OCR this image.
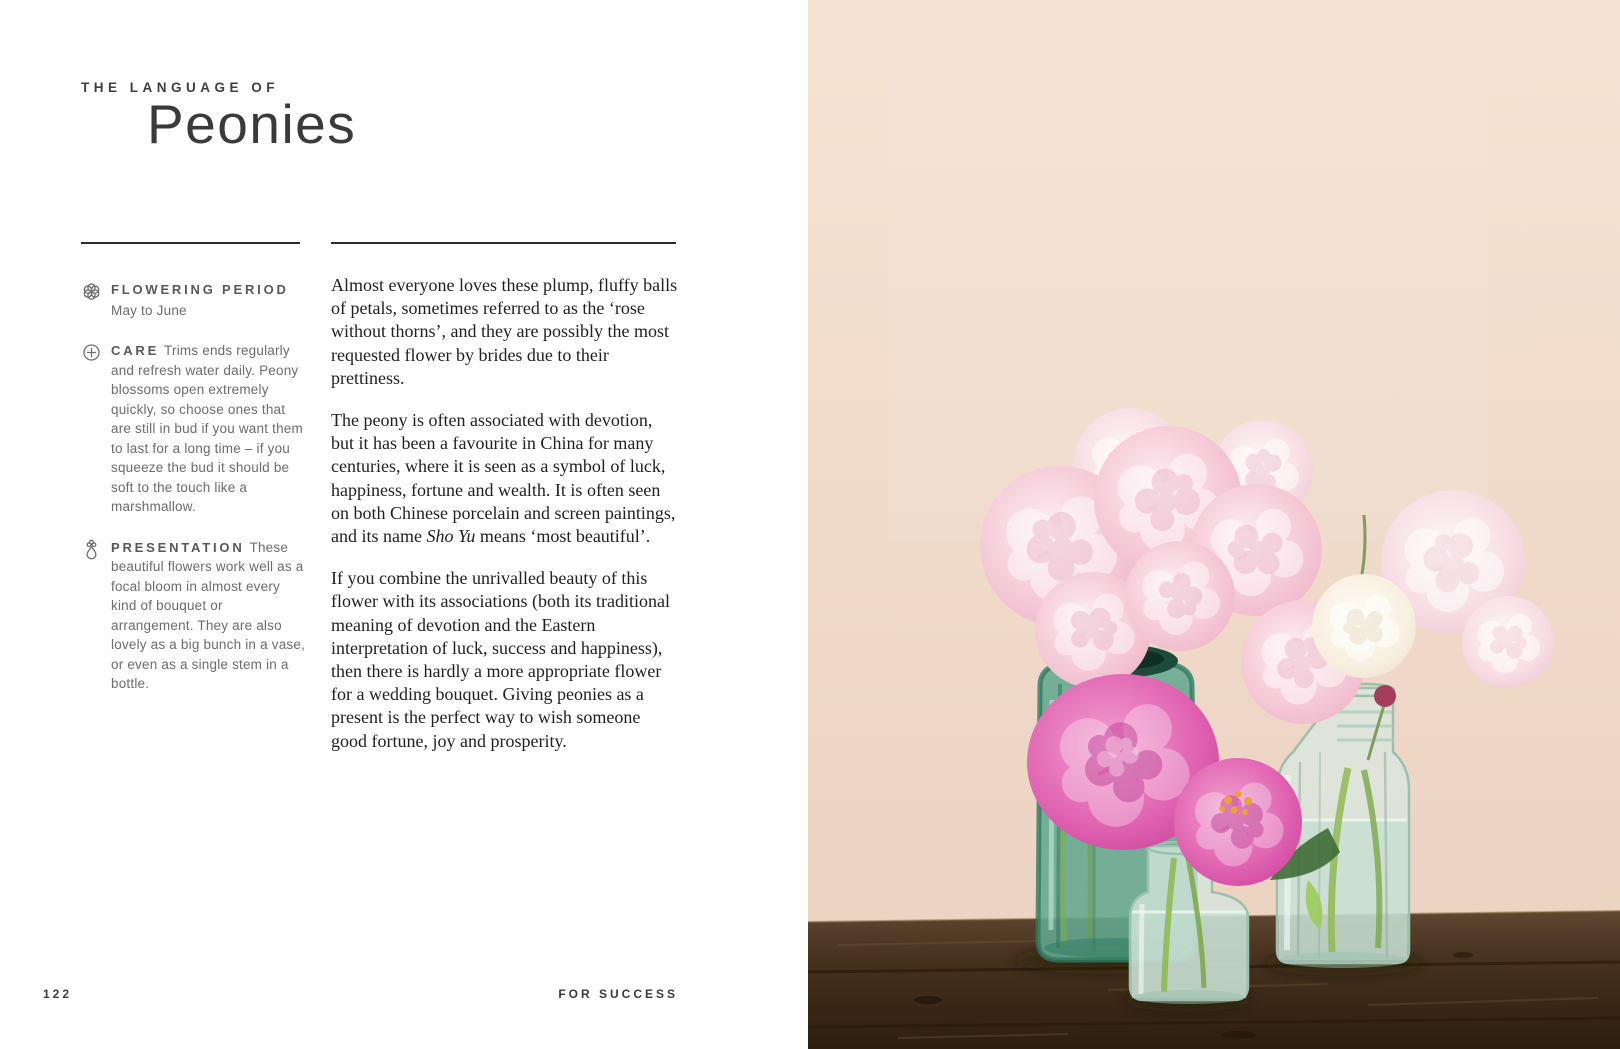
THE LANGUAGE OF
Peonies
FLOWERING PERIOD
May to June
CARE Trims ends regularly and refresh water daily. Peony blossoms open extremely quickly, so choose ones that are still in bud if you want them to last for a long time – if you squeeze the bud it should be soft to the touch like a marshmallow.
PRESENTATION These beautiful flowers work well as a focal bloom in almost every kind of bouquet or arrangement. They are also lovely as a big bunch in a vase, or even as a single stem in a bottle.

Almost everyone loves these plump, fluffy balls of petals, sometimes referred to as the ‘rose without thorns’, and they are possibly the most requested flower by brides due to their prettiness.

The peony is often associated with devotion, but it has been a favourite in China for many centuries, where it is seen as a symbol of luck, happiness, fortune and wealth. It is often seen on both Chinese porcelain and screen paintings, and its name Sho Yu means ‘most beautiful’.

If you combine the unrivalled beauty of this flower with its associations (both its traditional meaning of devotion and the Eastern interpretation of luck, success and happiness), then there is hardly a more appropriate flower for a wedding bouquet. Giving peonies as a present is the perfect way to wish someone good fortune, joy and prosperity.

122	FOR SUCCESS
